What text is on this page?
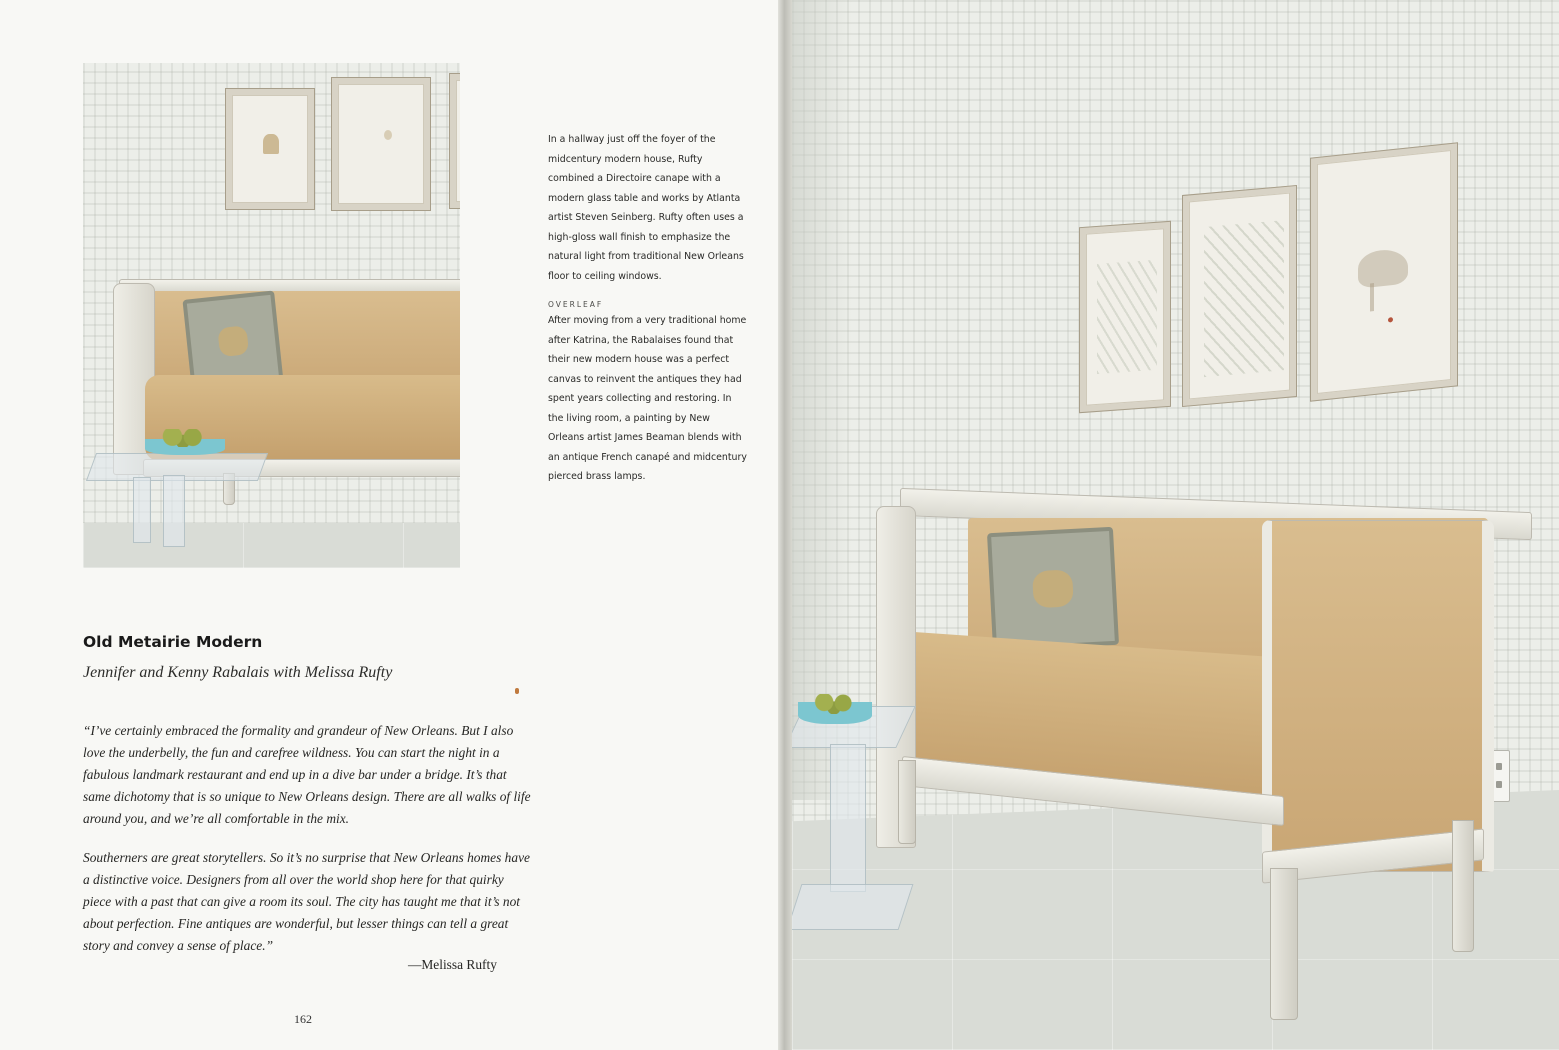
In a hallway just off the foyer of the midcentury modern house, Rufty combined a Directoire canape with a modern glass table and works by Atlanta artist Steven Seinberg. Rufty often uses a high-gloss wall finish to emphasize the natural light from traditional New Orleans floor to ceiling windows.

OVERLEAF

After moving from a very traditional home after Katrina, the Rabalaises found that their new modern house was a perfect canvas to reinvent the antiques they had spent years collecting and restoring. In the living room, a painting by New Orleans artist James Beaman blends with an antique French canapé and midcentury pierced brass lamps.

Old Metairie Modern
Jennifer and Kenny Rabalais with Melissa Rufty

“I’ve certainly embraced the formality and grandeur of New Orleans. But I also love the underbelly, the fun and carefree wildness. You can start the night in a fabulous landmark restaurant and end up in a dive bar under a bridge. It’s that same dichotomy that is so unique to New Orleans design. There are all walks of life around you, and we’re all comfortable in the mix.

Southerners are great storytellers. So it’s no surprise that New Orleans homes have a distinctive voice. Designers from all over the world shop here for that quirky piece with a past that can give a room its soul. The city has taught me that it’s not about perfection. Fine antiques are wonderful, but lesser things can tell a great story and convey a sense of place.”

—Melissa Rufty
162
